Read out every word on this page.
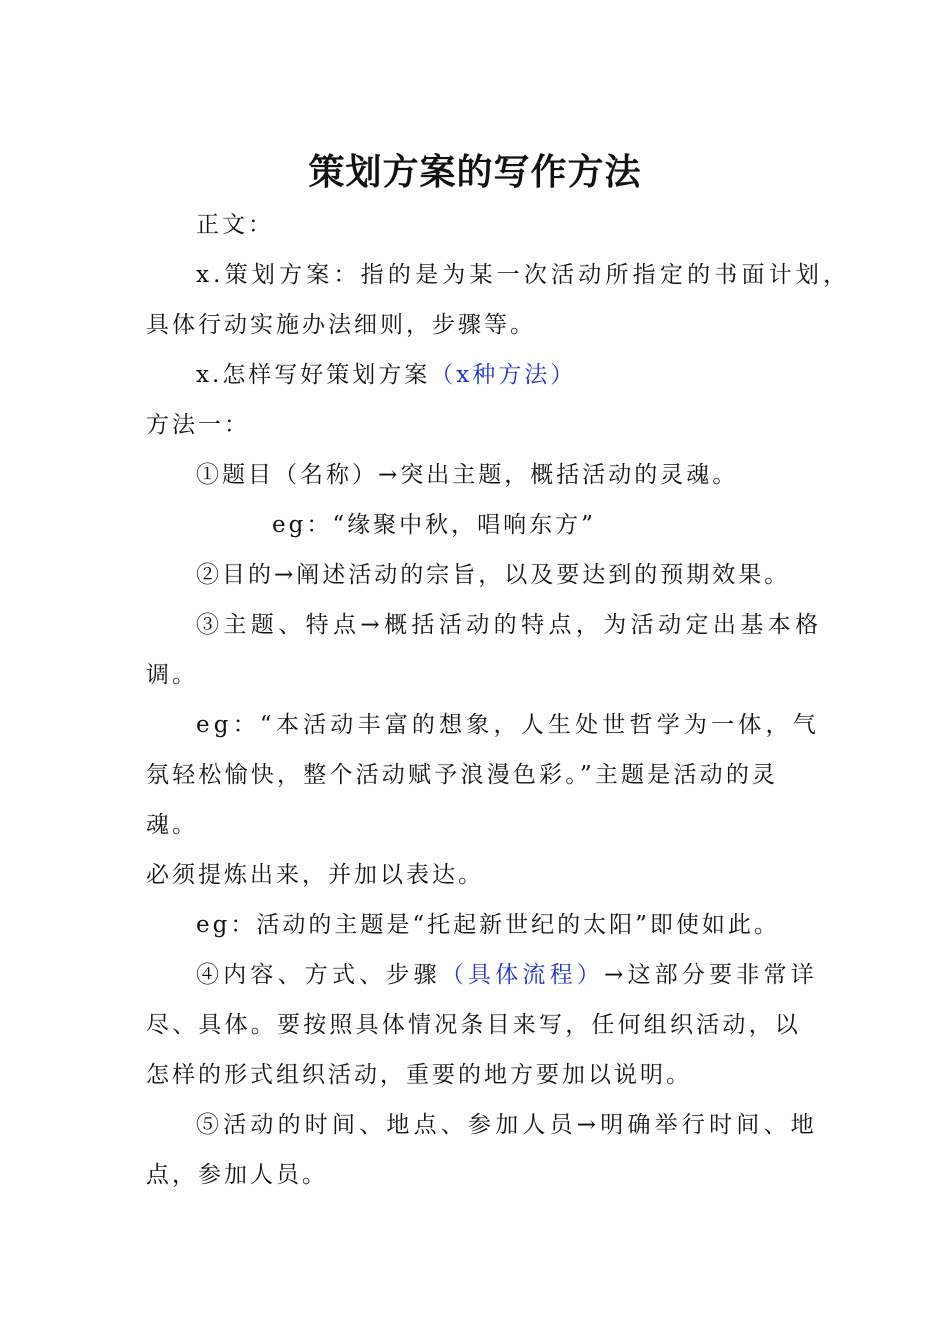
策划方案的写作方法

正文：

x.策划方案：指的是为某一次活动所指定的书面计划，

具体行动实施办法细则，步骤等。

x.怎样写好策划方案（x种方法）

方法一：

①题目（名称）→突出主题，概括活动的灵魂。

eg：“缘聚中秋，唱响东方”

②目的→阐述活动的宗旨，以及要达到的预期效果。

③主题、特点→概括活动的特点，为活动定出基本格

调。

eg：“本活动丰富的想象，人生处世哲学为一体，气

氛轻松愉快，整个活动赋予浪漫色彩。”主题是活动的灵

魂。

必须提炼出来，并加以表达。

eg：活动的主题是“托起新世纪的太阳”即使如此。

④内容、方式、步骤（具体流程）→这部分要非常详

尽、具体。要按照具体情况条目来写，任何组织活动，以

怎样的形式组织活动，重要的地方要加以说明。

⑤活动的时间、地点、参加人员→明确举行时间、地

点，参加人员。
